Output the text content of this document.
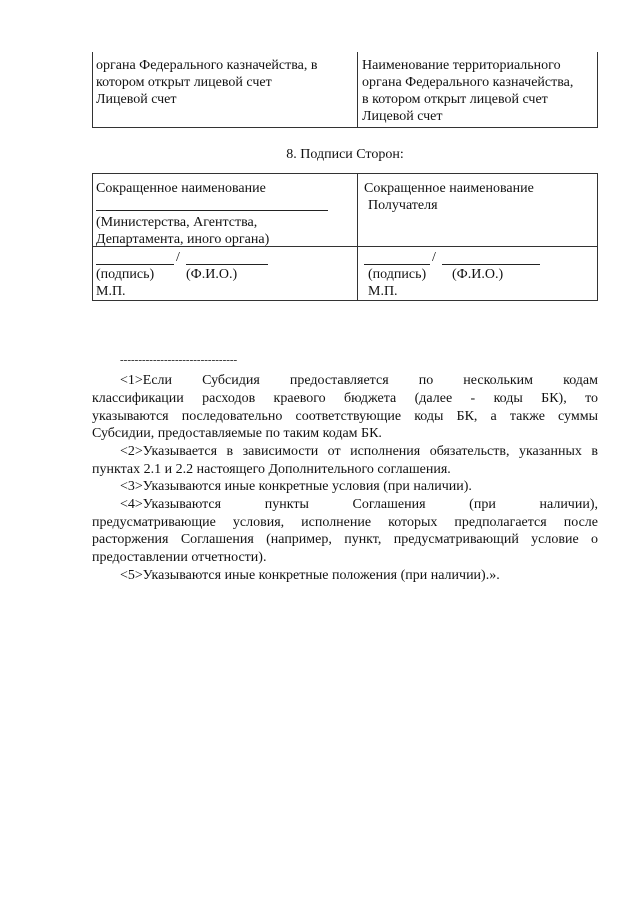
органа Федерального казначейства, в
котором открыт лицевой счет
Лицевой счет
Наименование территориального
органа Федерального казначейства,
в котором открыт лицевой счет
Лицевой счет
8. Подписи Сторон:
Сокращенное наименование
(Министерства, Агентства,
Департамента, иного органа)
Сокращенное наименование
Получателя
/
(подпись) (Ф.И.О.)
М.П.
/
(подпись) (Ф.И.О.)
М.П.
--------------------------------
<1>Если Субсидия предоставляется по нескольким кодам
классификации расходов краевого бюджета (далее - коды БК), то
указываются последовательно соответствующие коды БК, а также суммы
Субсидии, предоставляемые по таким кодам БК.
<2>Указывается в зависимости от исполнения обязательств, указанных в
пунктах 2.1 и 2.2 настоящего Дополнительного соглашения.
<3>Указываются иные конкретные условия (при наличии).
<4>Указываются пункты Соглашения (при наличии),
предусматривающие условия, исполнение которых предполагается после
расторжения Соглашения (например, пункт, предусматривающий условие о
предоставлении отчетности).
<5>Указываются иные конкретные положения (при наличии).».
